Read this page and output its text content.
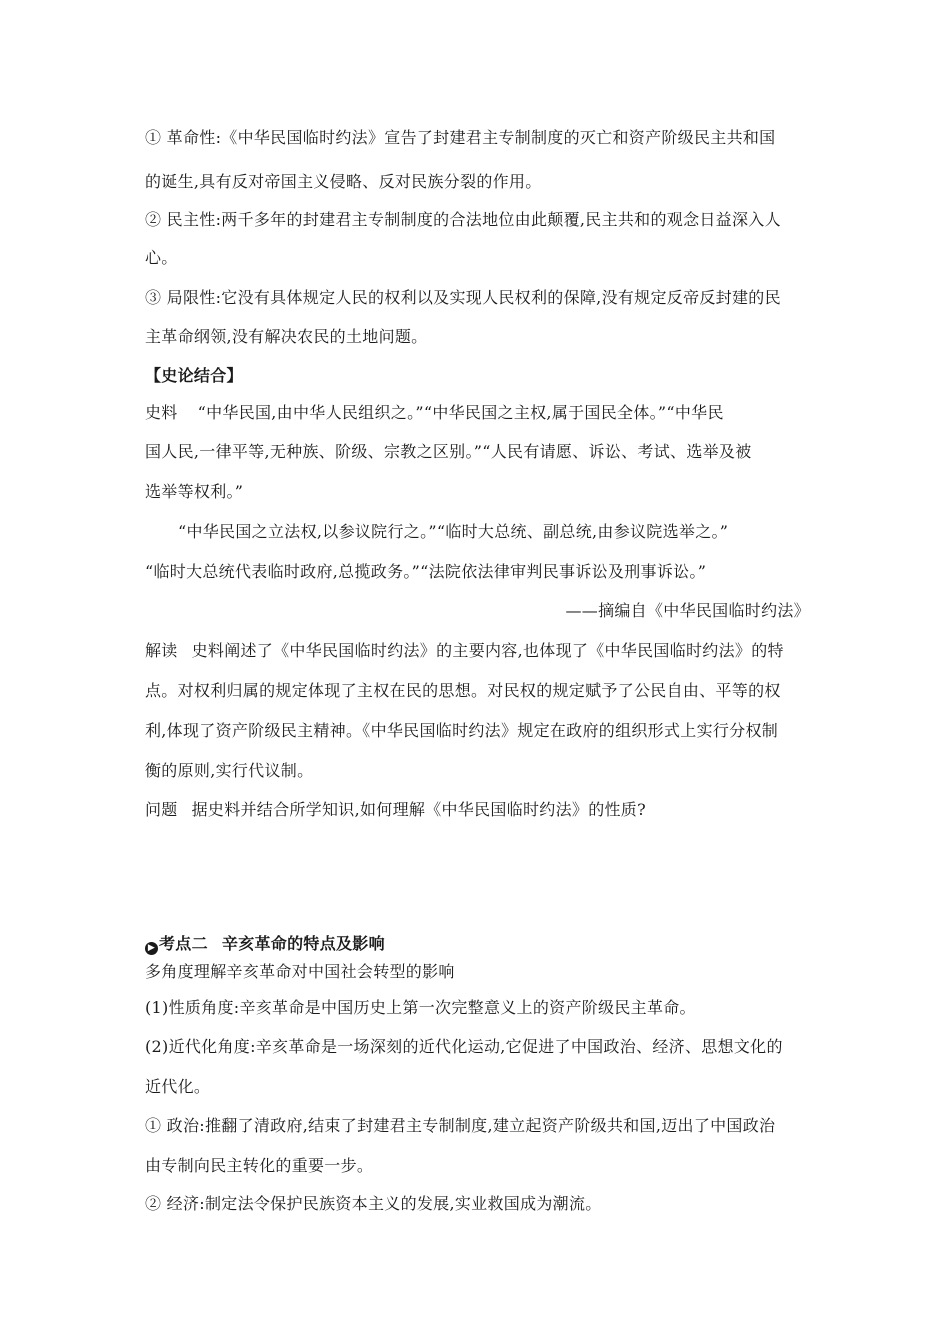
① 革命性:《中华民国临时约法》宣告了封建君主专制制度的灭亡和资产阶级民主共和国
的诞生,具有反对帝国主义侵略、反对民族分裂的作用。
② 民主性:两千多年的封建君主专制制度的合法地位由此颠覆,民主共和的观念日益深入人
心。
③ 局限性:它没有具体规定人民的权利以及实现人民权利的保障,没有规定反帝反封建的民
主革命纲领,没有解决农民的土地问题。
【史论结合】
史料 “中华民国,由中华人民组织之。”“中华民国之主权,属于国民全体。”“中华民
国人民,一律平等,无种族、阶级、宗教之区别。”“人民有请愿、诉讼、考试、选举及被
选举等权利。”
“中华民国之立法权,以参议院行之。”“临时大总统、副总统,由参议院选举之。”
“临时大总统代表临时政府,总揽政务。”“法院依法律审判民事诉讼及刑事诉讼。”
——摘编自《中华民国临时约法》
解读 史料阐述了《中华民国临时约法》的主要内容,也体现了《中华民国临时约法》的特
点。对权利归属的规定体现了主权在民的思想。对民权的规定赋予了公民自由、平等的权
利,体现了资产阶级民主精神。《中华民国临时约法》规定在政府的组织形式上实行分权制
衡的原则,实行代议制。
问题 据史料并结合所学知识,如何理解《中华民国临时约法》的性质?
▶ 考点二 辛亥革命的特点及影响
多角度理解辛亥革命对中国社会转型的影响
(1)性质角度:辛亥革命是中国历史上第一次完整意义上的资产阶级民主革命。
(2)近代化角度:辛亥革命是一场深刻的近代化运动,它促进了中国政治、经济、思想文化的
近代化。
① 政治:推翻了清政府,结束了封建君主专制制度,建立起资产阶级共和国,迈出了中国政治
由专制向民主转化的重要一步。
② 经济:制定法令保护民族资本主义的发展,实业救国成为潮流。
